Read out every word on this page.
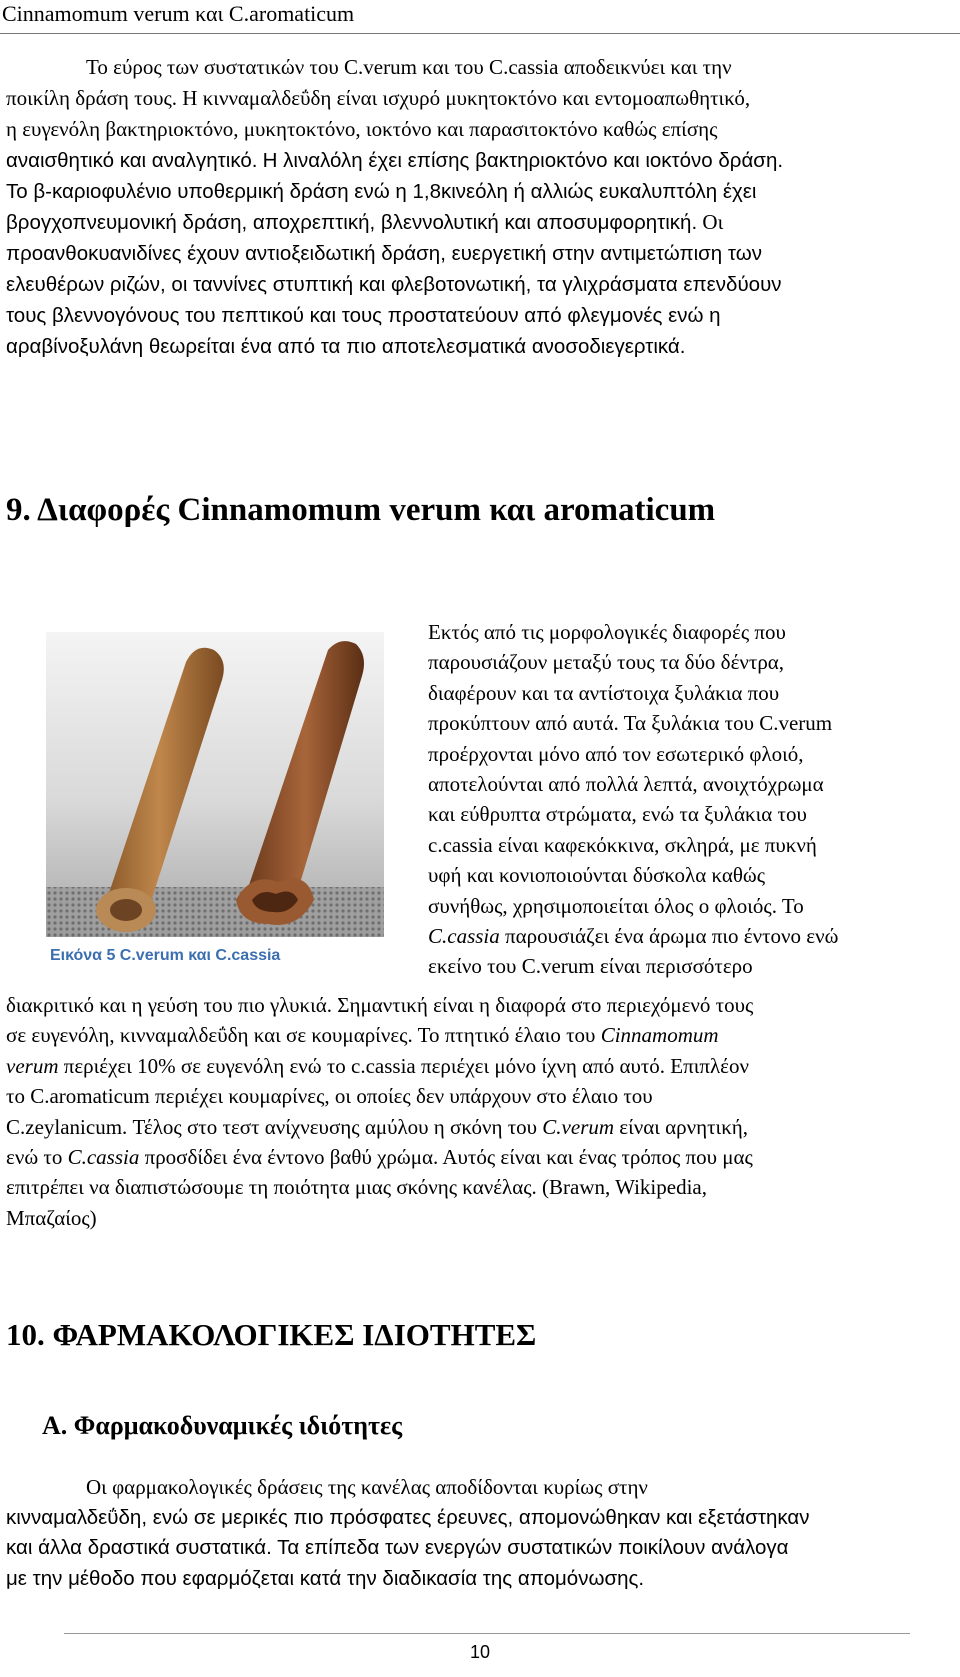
Cinnamomum verum και C.aromaticum
Το εύρος των συστατικών του C.verum και του C.cassia αποδεικνύει και την
ποικίλη δράση τους. Η κινναμαλδεΰδη είναι ισχυρό μυκητοκτόνο και εντομοαπωθητικό,
η ευγενόλη βακτηριοκτόνο, μυκητοκτόνο, ιοκτόνο και παρασιτοκτόνο καθώς επίσης
αναισθητικό και αναλγητικό. Η λιναλόλη έχει επίσης βακτηριοκτόνο και ιοκτόνο δράση.
Το β-καριοφυλένιο υποθερμική δράση ενώ η 1,8κινεόλη ή αλλιώς ευκαλυπτόλη έχει
βρογχοπνευμονική δράση, αποχρεπτική, βλεννολυτική και αποσυμφορητική. Οι
προανθοκυανιδίνες έχουν αντιοξειδωτική δράση, ευεργετική στην αντιμετώπιση των
ελευθέρων ριζών, οι ταννίνες στυπτική και φλεβοτονωτική, τα γλιχράσματα επενδύουν
τους βλεννογόνους του πεπτικού και τους προστατεύουν από φλεγμονές ενώ η
αραβίνοξυλάνη θεωρείται ένα από τα πιο αποτελεσματικά ανοσοδιεγερτικά.
9. Διαφορές Cinnamomum verum και aromaticum
Εικόνα 5 C.verum και C.cassia
Εκτός από τις μορφολογικές διαφορές που
παρουσιάζουν μεταξύ τους τα δύο δέντρα,
διαφέρουν και τα αντίστοιχα ξυλάκια που
προκύπτουν από αυτά. Τα ξυλάκια του C.verum
προέρχονται μόνο από τον εσωτερικό φλοιό,
αποτελούνται από πολλά λεπτά, ανοιχτόχρωμα
και εύθρυπτα στρώματα, ενώ τα ξυλάκια του
c.cassia είναι καφεκόκκινα, σκληρά, με πυκνή
υφή και κονιοποιούνται δύσκολα καθώς
συνήθως, χρησιμοποιείται όλος ο φλοιός. Το
C.cassia παρουσιάζει ένα άρωμα πιο έντονο ενώ
εκείνο του C.verum είναι περισσότερο
διακριτικό και η γεύση του πιο γλυκιά. Σημαντική είναι η διαφορά στο περιεχόμενό τους
σε ευγενόλη, κινναμαλδεΰδη και σε κουμαρίνες. Το πτητικό έλαιο του Cinnamomum
verum περιέχει 10% σε ευγενόλη ενώ το c.cassia περιέχει μόνο ίχνη από αυτό. Επιπλέον
το C.aromaticum περιέχει κουμαρίνες, οι οποίες δεν υπάρχουν στο έλαιο του
C.zeylanicum. Τέλος στο τεστ ανίχνευσης αμύλου η σκόνη του C.verum είναι αρνητική,
ενώ το C.cassia προσδίδει ένα έντονο βαθύ χρώμα. Αυτός είναι και ένας τρόπος που μας
επιτρέπει να διαπιστώσουμε τη ποιότητα μιας σκόνης κανέλας. (Brawn, Wikipedia,
Μπαζαίος)
10. ΦΑΡΜΑΚΟΛΟΓΙΚΕΣ ΙΔΙΟΤΗΤΕΣ
Α. Φαρμακοδυναμικές ιδιότητες
Οι φαρμακολογικές δράσεις της κανέλας αποδίδονται κυρίως στην
κινναμαλδεΰδη, ενώ σε μερικές πιο πρόσφατες έρευνες, απομονώθηκαν και εξετάστηκαν
και άλλα δραστικά συστατικά. Τα επίπεδα των ενεργών συστατικών ποικίλουν ανάλογα
με την μέθοδο που εφαρμόζεται κατά την διαδικασία της απομόνωσης.
10
